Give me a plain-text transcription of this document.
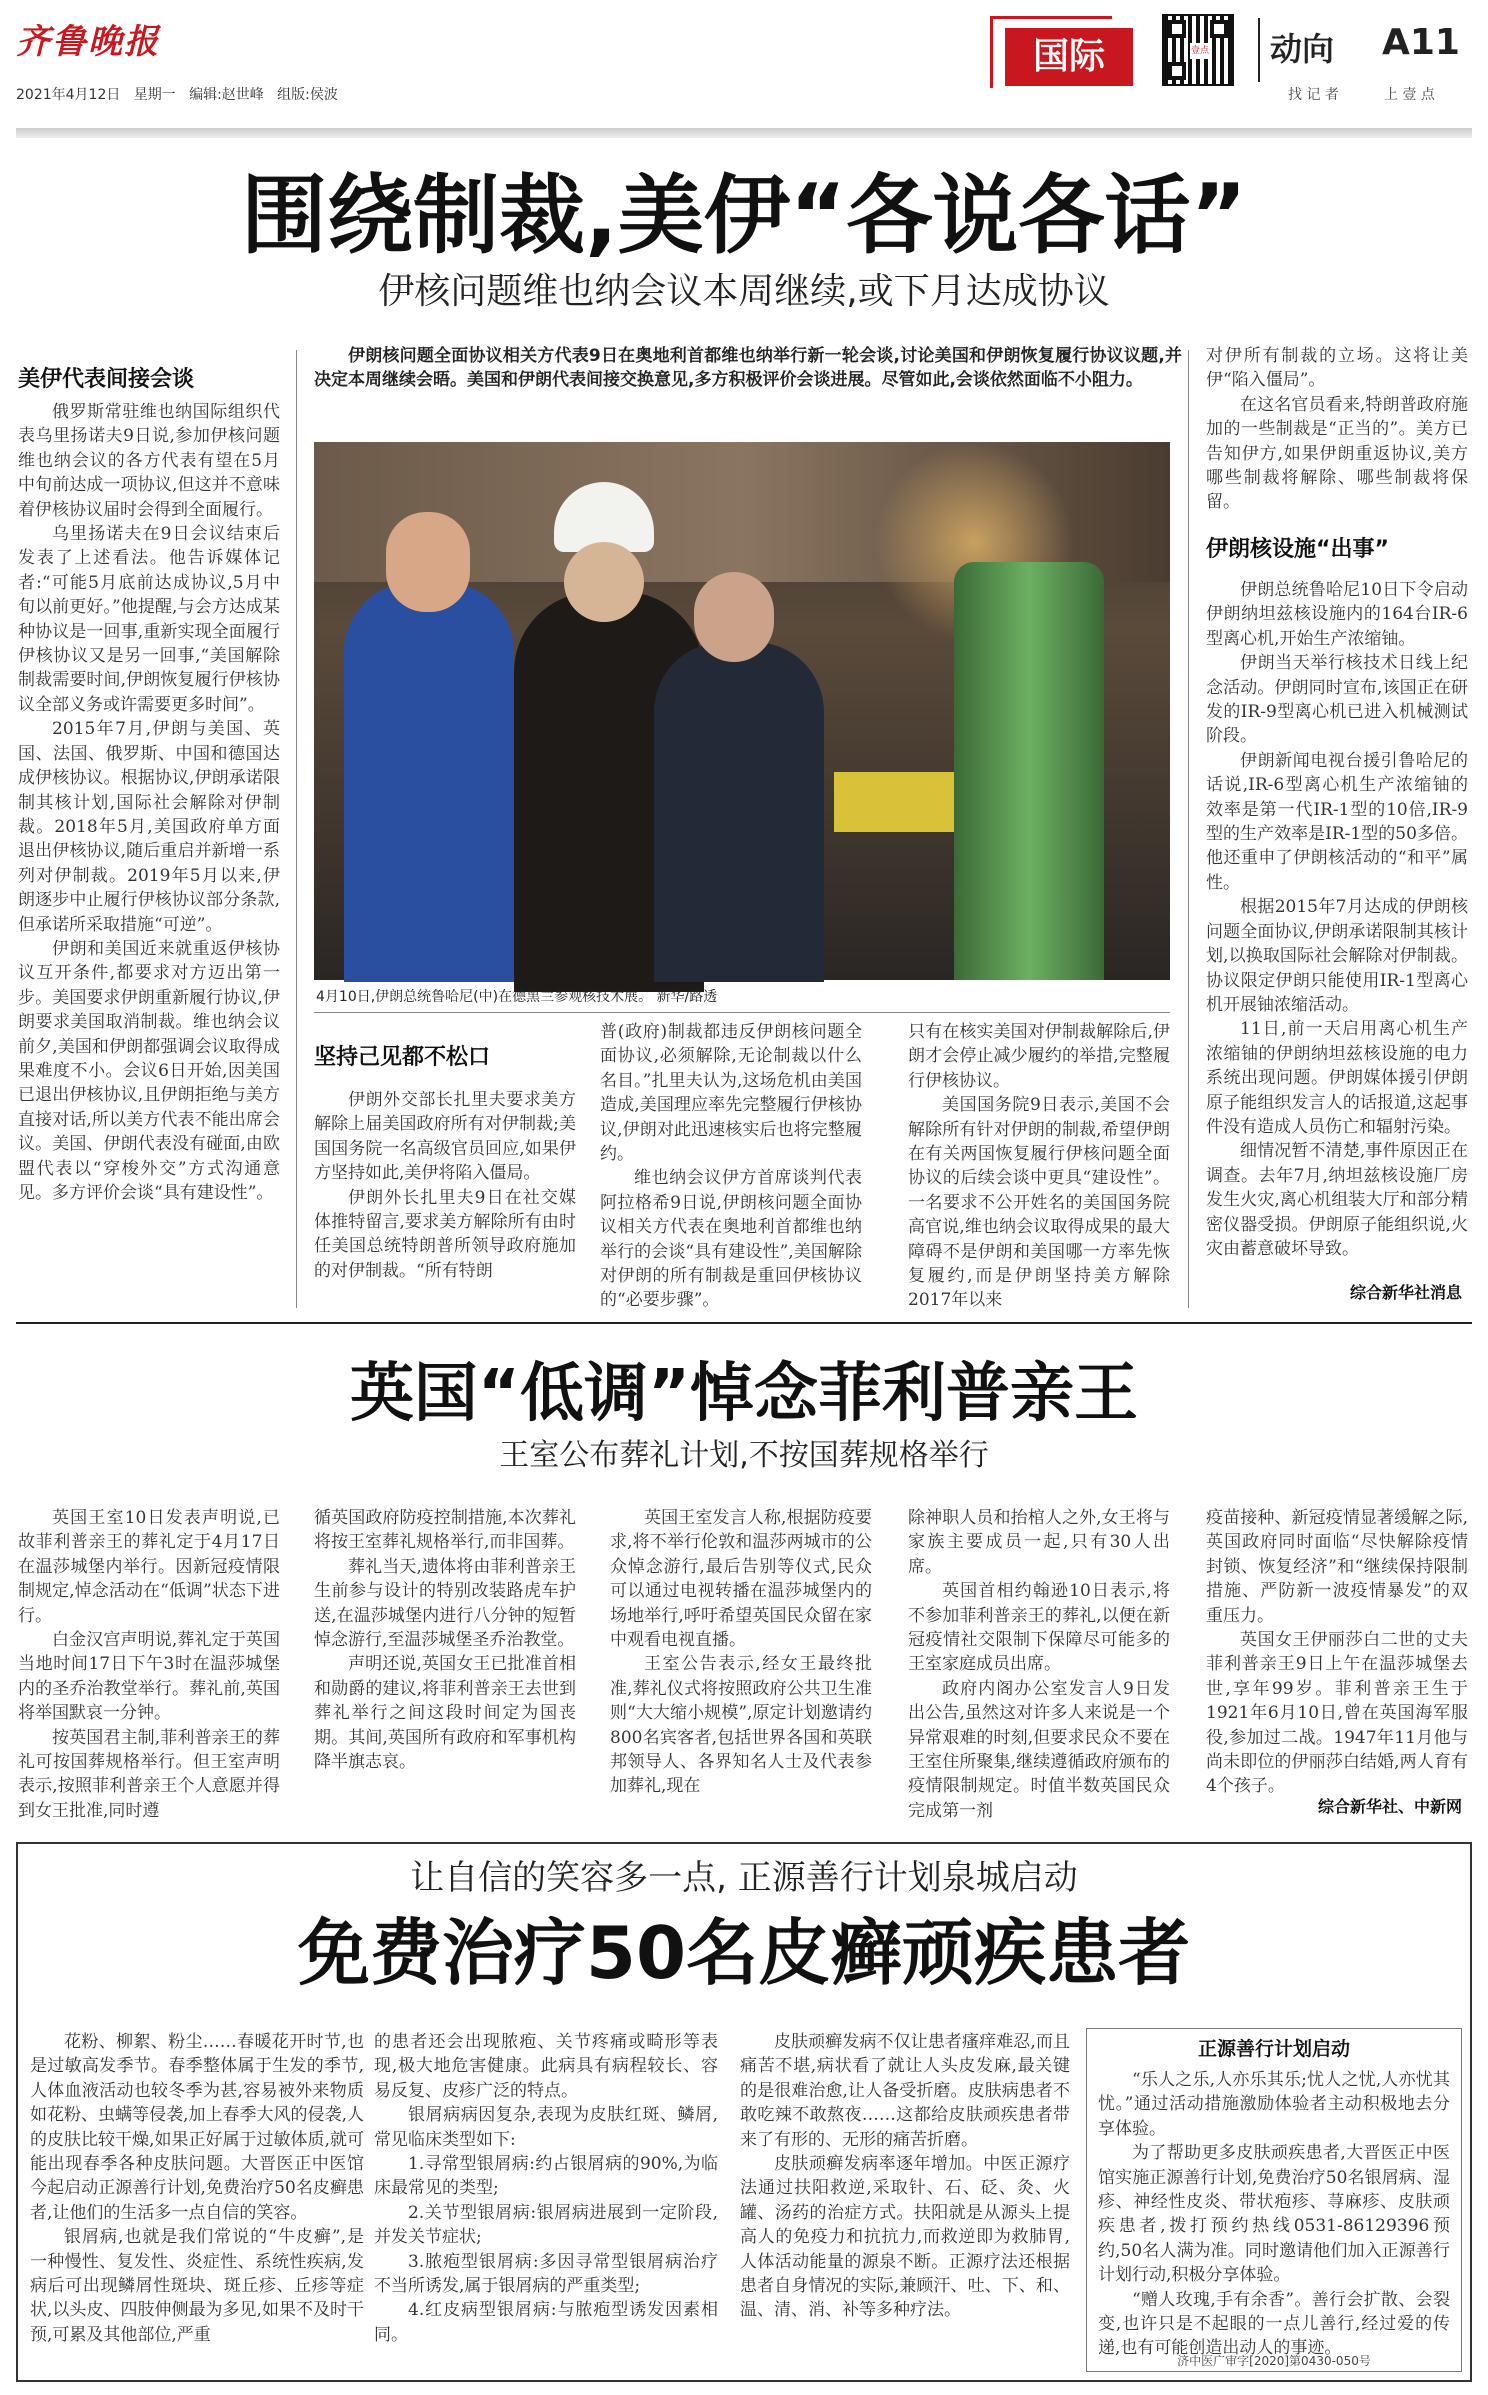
齐鲁晚报
2021年4月12日 星期一 编辑:赵世峰 组版:侯波
国际	壹点 动向 A11
找 记 者	上 壹 点
围绕制裁,美伊“各说各话”
伊核问题维也纳会议本周继续,或下月达成协议
美伊代表间接会谈

俄罗斯常驻维也纳国际组织代表乌里扬诺夫9日说,参加伊核问题维也纳会议的各方代表有望在5月中旬前达成一项协议,但这并不意味着伊核协议届时会得到全面履行。

乌里扬诺夫在9日会议结束后发表了上述看法。他告诉媒体记者:“可能5月底前达成协议,5月中旬以前更好。”他提醒,与会方达成某种协议是一回事,重新实现全面履行伊核协议又是另一回事,“美国解除制裁需要时间,伊朗恢复履行伊核协议全部义务或许需要更多时间”。

2015年7月,伊朗与美国、英国、法国、俄罗斯、中国和德国达成伊核协议。根据协议,伊朗承诺限制其核计划,国际社会解除对伊制裁。2018年5月,美国政府单方面退出伊核协议,随后重启并新增一系列对伊制裁。2019年5月以来,伊朗逐步中止履行伊核协议部分条款,但承诺所采取措施“可逆”。

伊朗和美国近来就重返伊核协议互开条件,都要求对方迈出第一步。美国要求伊朗重新履行协议,伊朗要求美国取消制裁。维也纳会议前夕,美国和伊朗都强调会议取得成果难度不小。会议6日开始,因美国已退出伊核协议,且伊朗拒绝与美方直接对话,所以美方代表不能出席会议。美国、伊朗代表没有碰面,由欧盟代表以“穿梭外交”方式沟通意见。多方评价会谈“具有建设性”。

伊朗核问题全面协议相关方代表9日在奥地利首都维也纳举行新一轮会谈,讨论美国和伊朗恢复履行协议议题,并决定本周继续会晤。美国和伊朗代表间接交换意见,多方积极评价会谈进展。尽管如此,会谈依然面临不小阻力。

4月10日,伊朗总统鲁哈尼(中)在德黑兰参观核技术展。 新华/路透
坚持己见都不松口

伊朗外交部长扎里夫要求美方解除上届美国政府所有对伊制裁;美国国务院一名高级官员回应,如果伊方坚持如此,美伊将陷入僵局。

伊朗外长扎里夫9日在社交媒体推特留言,要求美方解除所有由时任美国总统特朗普所领导政府施加的对伊制裁。“所有特朗

普(政府)制裁都违反伊朗核问题全面协议,必须解除,无论制裁以什么名目。”扎里夫认为,这场危机由美国造成,美国理应率先完整履行伊核协议,伊朗对此迅速核实后也将完整履约。

维也纳会议伊方首席谈判代表阿拉格希9日说,伊朗核问题全面协议相关方代表在奥地利首都维也纳举行的会谈“具有建设性”,美国解除对伊朗的所有制裁是重回伊核协议的“必要步骤”。

只有在核实美国对伊制裁解除后,伊朗才会停止减少履约的举措,完整履行伊核协议。

美国国务院9日表示,美国不会解除所有针对伊朗的制裁,希望伊朗在有关两国恢复履行伊核问题全面协议的后续会谈中更具“建设性”。一名要求不公开姓名的美国国务院高官说,维也纳会议取得成果的最大障碍不是伊朗和美国哪一方率先恢复履约,而是伊朗坚持美方解除2017年以来

对伊所有制裁的立场。这将让美伊“陷入僵局”。

在这名官员看来,特朗普政府施加的一些制裁是“正当的”。美方已告知伊方,如果伊朗重返协议,美方哪些制裁将解除、哪些制裁将保留。

伊朗核设施“出事”

伊朗总统鲁哈尼10日下令启动伊朗纳坦兹核设施内的164台IR-6型离心机,开始生产浓缩铀。

伊朗当天举行核技术日线上纪念活动。伊朗同时宣布,该国正在研发的IR-9型离心机已进入机械测试阶段。

伊朗新闻电视台援引鲁哈尼的话说,IR-6型离心机生产浓缩铀的效率是第一代IR-1型的10倍,IR-9型的生产效率是IR-1型的50多倍。他还重申了伊朗核活动的“和平”属性。

根据2015年7月达成的伊朗核问题全面协议,伊朗承诺限制其核计划,以换取国际社会解除对伊制裁。协议限定伊朗只能使用IR-1型离心机开展铀浓缩活动。

11日,前一天启用离心机生产浓缩铀的伊朗纳坦兹核设施的电力系统出现问题。伊朗媒体援引伊朗原子能组织发言人的话报道,这起事件没有造成人员伤亡和辐射污染。

细情况暂不清楚,事件原因正在调查。去年7月,纳坦兹核设施厂房发生火灾,离心机组装大厅和部分精密仪器受损。伊朗原子能组织说,火灾由蓄意破坏导致。

综合新华社消息
英国“低调”悼念菲利普亲王
王室公布葬礼计划,不按国葬规格举行

英国王室10日发表声明说,已故菲利普亲王的葬礼定于4月17日在温莎城堡内举行。因新冠疫情限制规定,悼念活动在“低调”状态下进行。

白金汉宫声明说,葬礼定于英国当地时间17日下午3时在温莎城堡内的圣乔治教堂举行。葬礼前,英国将举国默哀一分钟。

按英国君主制,菲利普亲王的葬礼可按国葬规格举行。但王室声明表示,按照菲利普亲王个人意愿并得到女王批准,同时遵

循英国政府防疫控制措施,本次葬礼将按王室葬礼规格举行,而非国葬。

葬礼当天,遗体将由菲利普亲王生前参与设计的特别改装路虎车护送,在温莎城堡内进行八分钟的短暂悼念游行,至温莎城堡圣乔治教堂。

声明还说,英国女王已批准首相和勋爵的建议,将菲利普亲王去世到葬礼举行之间这段时间定为国丧期。其间,英国所有政府和军事机构降半旗志哀。

英国王室发言人称,根据防疫要求,将不举行伦敦和温莎两城市的公众悼念游行,最后告别等仪式,民众可以通过电视转播在温莎城堡内的场地举行,呼吁希望英国民众留在家中观看电视直播。

王室公告表示,经女王最终批准,葬礼仪式将按照政府公共卫生准则“大大缩小规模”,原定计划邀请约800名宾客者,包括世界各国和英联邦领导人、各界知名人士及代表参加葬礼,现在

除神职人员和抬棺人之外,女王将与家族主要成员一起,只有30人出席。

英国首相约翰逊10日表示,将不参加菲利普亲王的葬礼,以便在新冠疫情社交限制下保障尽可能多的王室家庭成员出席。

政府内阁办公室发言人9日发出公告,虽然这对许多人来说是一个异常艰难的时刻,但要求民众不要在王室住所聚集,继续遵循政府颁布的疫情限制规定。时值半数英国民众完成第一剂

疫苗接种、新冠疫情显著缓解之际,英国政府同时面临“尽快解除疫情封锁、恢复经济”和“继续保持限制措施、严防新一波疫情暴发”的双重压力。

英国女王伊丽莎白二世的丈夫菲利普亲王9日上午在温莎城堡去世,享年99岁。菲利普亲王生于1921年6月10日,曾在英国海军服役,参加过二战。1947年11月他与尚未即位的伊丽莎白结婚,两人育有4个孩子。

综合新华社、中新网
让自信的笑容多一点, 正源善行计划泉城启动
免费治疗50名皮癣顽疾患者

花粉、柳絮、粉尘……春暖花开时节,也是过敏高发季节。春季整体属于生发的季节,人体血液活动也较冬季为甚,容易被外来物质如花粉、虫螨等侵袭,加上春季大风的侵袭,人的皮肤比较干燥,如果正好属于过敏体质,就可能出现春季各种皮肤问题。大晋医正中医馆今起启动正源善行计划,免费治疗50名皮癣患者,让他们的生活多一点自信的笑容。

银屑病,也就是我们常说的“牛皮癣”,是一种慢性、复发性、炎症性、系统性疾病,发病后可出现鳞屑性斑块、斑丘疹、丘疹等症状,以头皮、四肢伸侧最为多见,如果不及时干预,可累及其他部位,严重

的患者还会出现脓疱、关节疼痛或畸形等表现,极大地危害健康。此病具有病程较长、容易反复、皮疹广泛的特点。

银屑病病因复杂,表现为皮肤红斑、鳞屑,常见临床类型如下:

1.寻常型银屑病:约占银屑病的90%,为临床最常见的类型;

2.关节型银屑病:银屑病进展到一定阶段,并发关节症状;

3.脓疱型银屑病:多因寻常型银屑病治疗不当所诱发,属于银屑病的严重类型;

4.红皮病型银屑病:与脓疱型诱发因素相同。

皮肤顽癣发病不仅让患者瘙痒难忍,而且痛苦不堪,病状看了就让人头皮发麻,最关键的是很难治愈,让人备受折磨。皮肤病患者不敢吃辣不敢熬夜……这都给皮肤顽疾患者带来了有形的、无形的痛苦折磨。

皮肤顽癣发病率逐年增加。中医正源疗法通过扶阳救逆,采取针、石、砭、灸、火罐、汤药的治症方式。扶阳就是从源头上提高人的免疫力和抗抗力,而救逆即为救肺胃,人体活动能量的源泉不断。正源疗法还根据患者自身情况的实际,兼顾汗、吐、下、和、温、清、消、补等多种疗法。

正源善行计划启动

“乐人之乐,人亦乐其乐;忧人之忧,人亦忧其忧。”通过活动措施激励体验者主动积极地去分享体验。

为了帮助更多皮肤顽疾患者,大晋医正中医馆实施正源善行计划,免费治疗50名银屑病、湿疹、神经性皮炎、带状疱疹、荨麻疹、皮肤顽疾患者,拨打预约热线0531-86129396预约,50名人满为准。同时邀请他们加入正源善行计划行动,积极分享体验。

“赠人玫瑰,手有余香”。善行会扩散、会裂变,也许只是不起眼的一点儿善行,经过爱的传递,也有可能创造出动人的事迹。

济中医广审字[2020]第0430-050号
